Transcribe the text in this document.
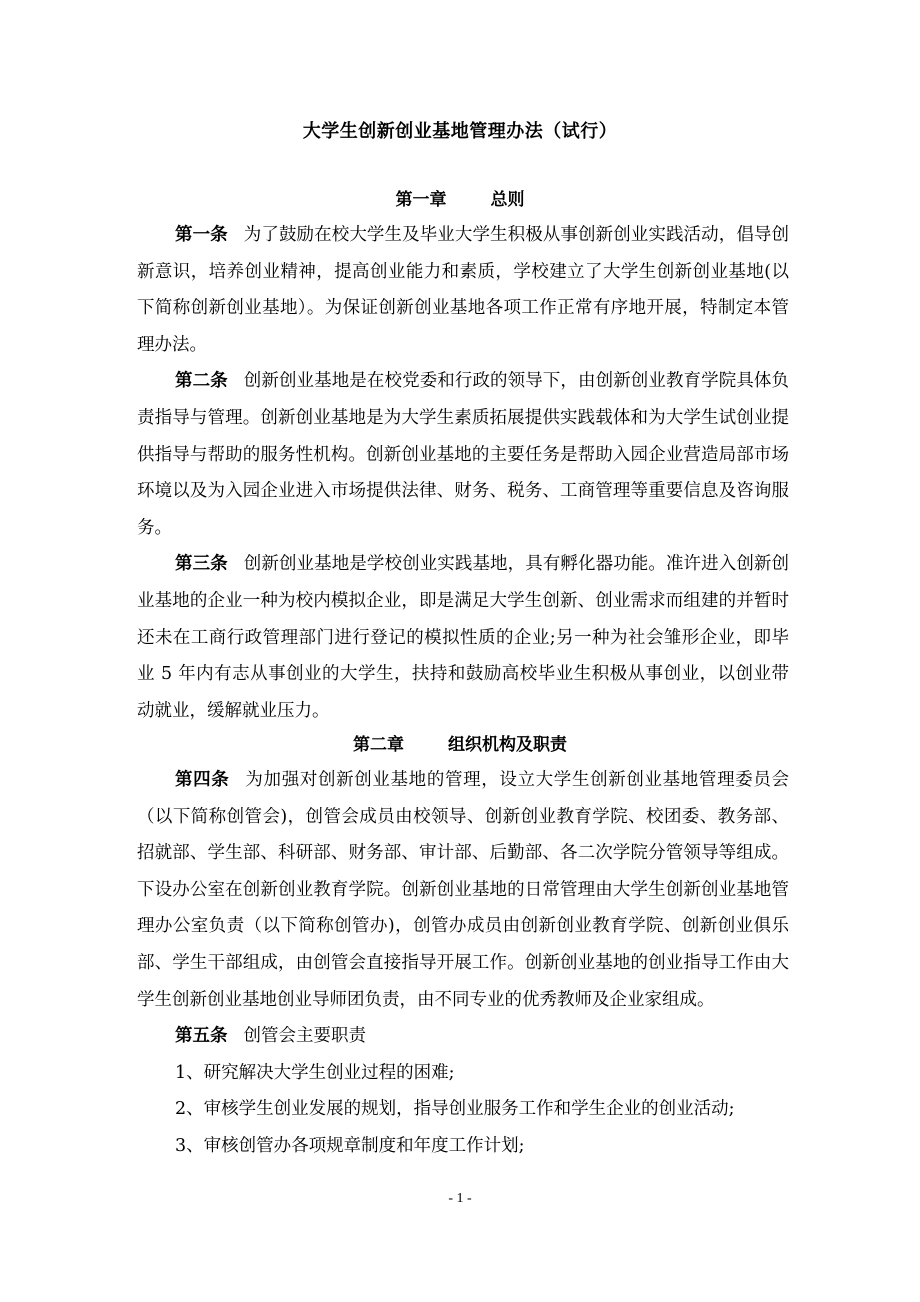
大学生创新创业基地管理办法（试行）
第一章	总则

第一条 为了鼓励在校大学生及毕业大学生积极从事创新创业实践活动，倡导创新意识，培养创业精神，提高创业能力和素质，学校建立了大学生创新创业基地(以下简称创新创业基地）。为保证创新创业基地各项工作正常有序地开展，特制定本管理办法。

第二条 创新创业基地是在校党委和行政的领导下，由创新创业教育学院具体负责指导与管理。创新创业基地是为大学生素质拓展提供实践载体和为大学生试创业提供指导与帮助的服务性机构。创新创业基地的主要任务是帮助入园企业营造局部市场环境以及为入园企业进入市场提供法律、财务、税务、工商管理等重要信息及咨询服务。

第三条 创新创业基地是学校创业实践基地，具有孵化器功能。准许进入创新创业基地的企业一种为校内模拟企业，即是满足大学生创新、创业需求而组建的并暂时还未在工商行政管理部门进行登记的模拟性质的企业;另一种为社会雏形企业，即毕业 5 年内有志从事创业的大学生，扶持和鼓励高校毕业生积极从事创业，以创业带动就业，缓解就业压力。

第二章	组织机构及职责

第四条 为加强对创新创业基地的管理，设立大学生创新创业基地管理委员会（以下简称创管会)，创管会成员由校领导、创新创业教育学院、校团委、教务部、招就部、学生部、科研部、财务部、审计部、后勤部、各二次学院分管领导等组成。下设办公室在创新创业教育学院。创新创业基地的日常管理由大学生创新创业基地管理办公室负责（以下简称创管办)，创管办成员由创新创业教育学院、创新创业俱乐部、学生干部组成，由创管会直接指导开展工作。创新创业基地的创业指导工作由大学生创新创业基地创业导师团负责，由不同专业的优秀教师及企业家组成。

第五条 创管会主要职责

1、研究解决大学生创业过程的困难;

2、审核学生创业发展的规划，指导创业服务工作和学生企业的创业活动;

3、审核创管办各项规章制度和年度工作计划;

- 1 -
